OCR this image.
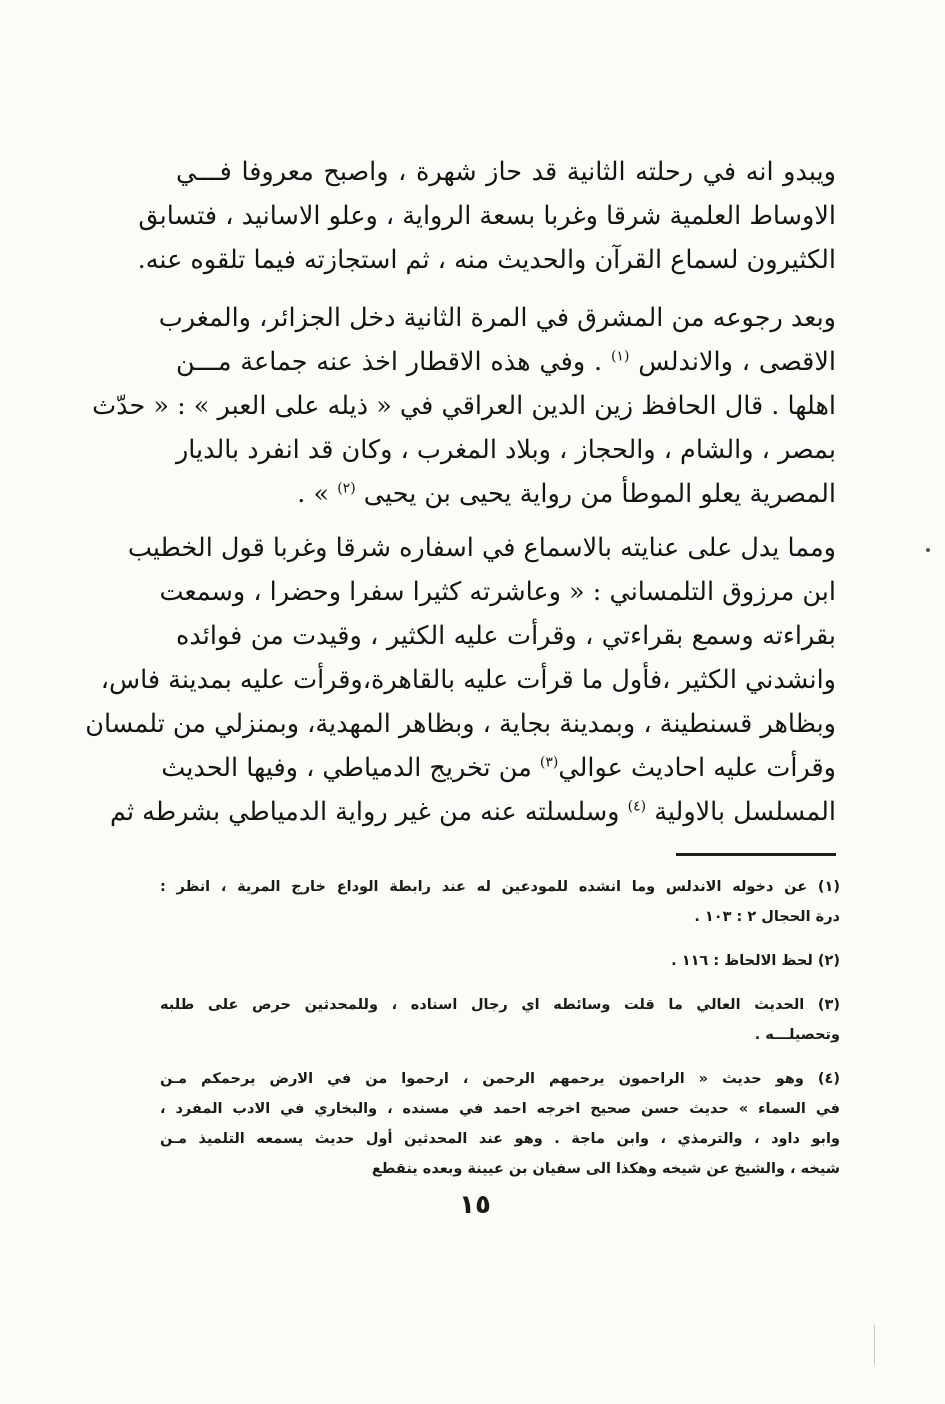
ويبدو انه في رحلته الثانية قد حاز شهرة ، واصبح معروفا فـــي
الاوساط العلمية شرقا وغربا بسعة الرواية ، وعلو الاسانيد ، فتسابق
الكثيرون لسماع القرآن والحديث منه ، ثم استجازته فيما تلقوه عنه.
وبعد رجوعه من المشرق في المرة الثانية دخل الجزائر، والمغرب
الاقصى ، والاندلس $^{(١)}$ . وفي هذه الاقطار اخذ عنه جماعة مـــن
اهلها . قال الحافظ زين الدين العراقي في « ذيله على العبر » : « حدّث
بمصر ، والشام ، والحجاز ، وبلاد المغرب ، وكان قد انفرد بالديار
المصرية يعلو الموطأ من رواية يحيى بن يحيى $^{(٢)}$ » .
ومما يدل على عنايته بالاسماع في اسفاره شرقا وغربا قول الخطيب
ابن مرزوق التلمساني : « وعاشرته كثيرا سفرا وحضرا ، وسمعت
بقراءته وسمع بقراءتي ، وقرأت عليه الكثير ، وقيدت من فوائده
وانشدني الكثير ،فأول ما قرأت عليه بالقاهرة،وقرأت عليه بمدينة فاس،
وبظاهر قسنطينة ، وبمدينة بجاية ، وبظاهر المهدية، وبمنزلي من تلمسان
وقرأت عليه احاديث عوالي$^{(٣)}$ من تخريج الدمياطي ، وفيها الحديث
المسلسل بالاولية $^{(٤)}$ وسلسلته عنه من غير رواية الدمياطي بشرطه ثم
(١) عن دخوله الاندلس وما انشده للمودعين له عند رابطة الوداع خارج المرية ، انظر :
درة الحجال ٢ : ١٠٣ .
(٢) لحظ الالحاظ : ١١٦ .
(٣) الحديث العالي ما قلت وسائطه اي رجال اسناده ، وللمحدثين حرص على طلبه
وتحصيلـــه .
(٤) وهو حديث « الراحمون يرحمهم الرحمن ، ارحموا من في الارض يرحمكم مـن
في السماء » حديث حسن صحيح اخرجه احمد في مسنده ، والبخاري في الادب المفرد ،
وابو داود ، والترمذي ، وابن ماجة . وهو عند المحدثين أول حديث يسمعه التلميذ مـن
شيخه ، والشيخ عن شيخه وهكذا الى سفيان بن عيينة وبعده ينقطع
١٥
